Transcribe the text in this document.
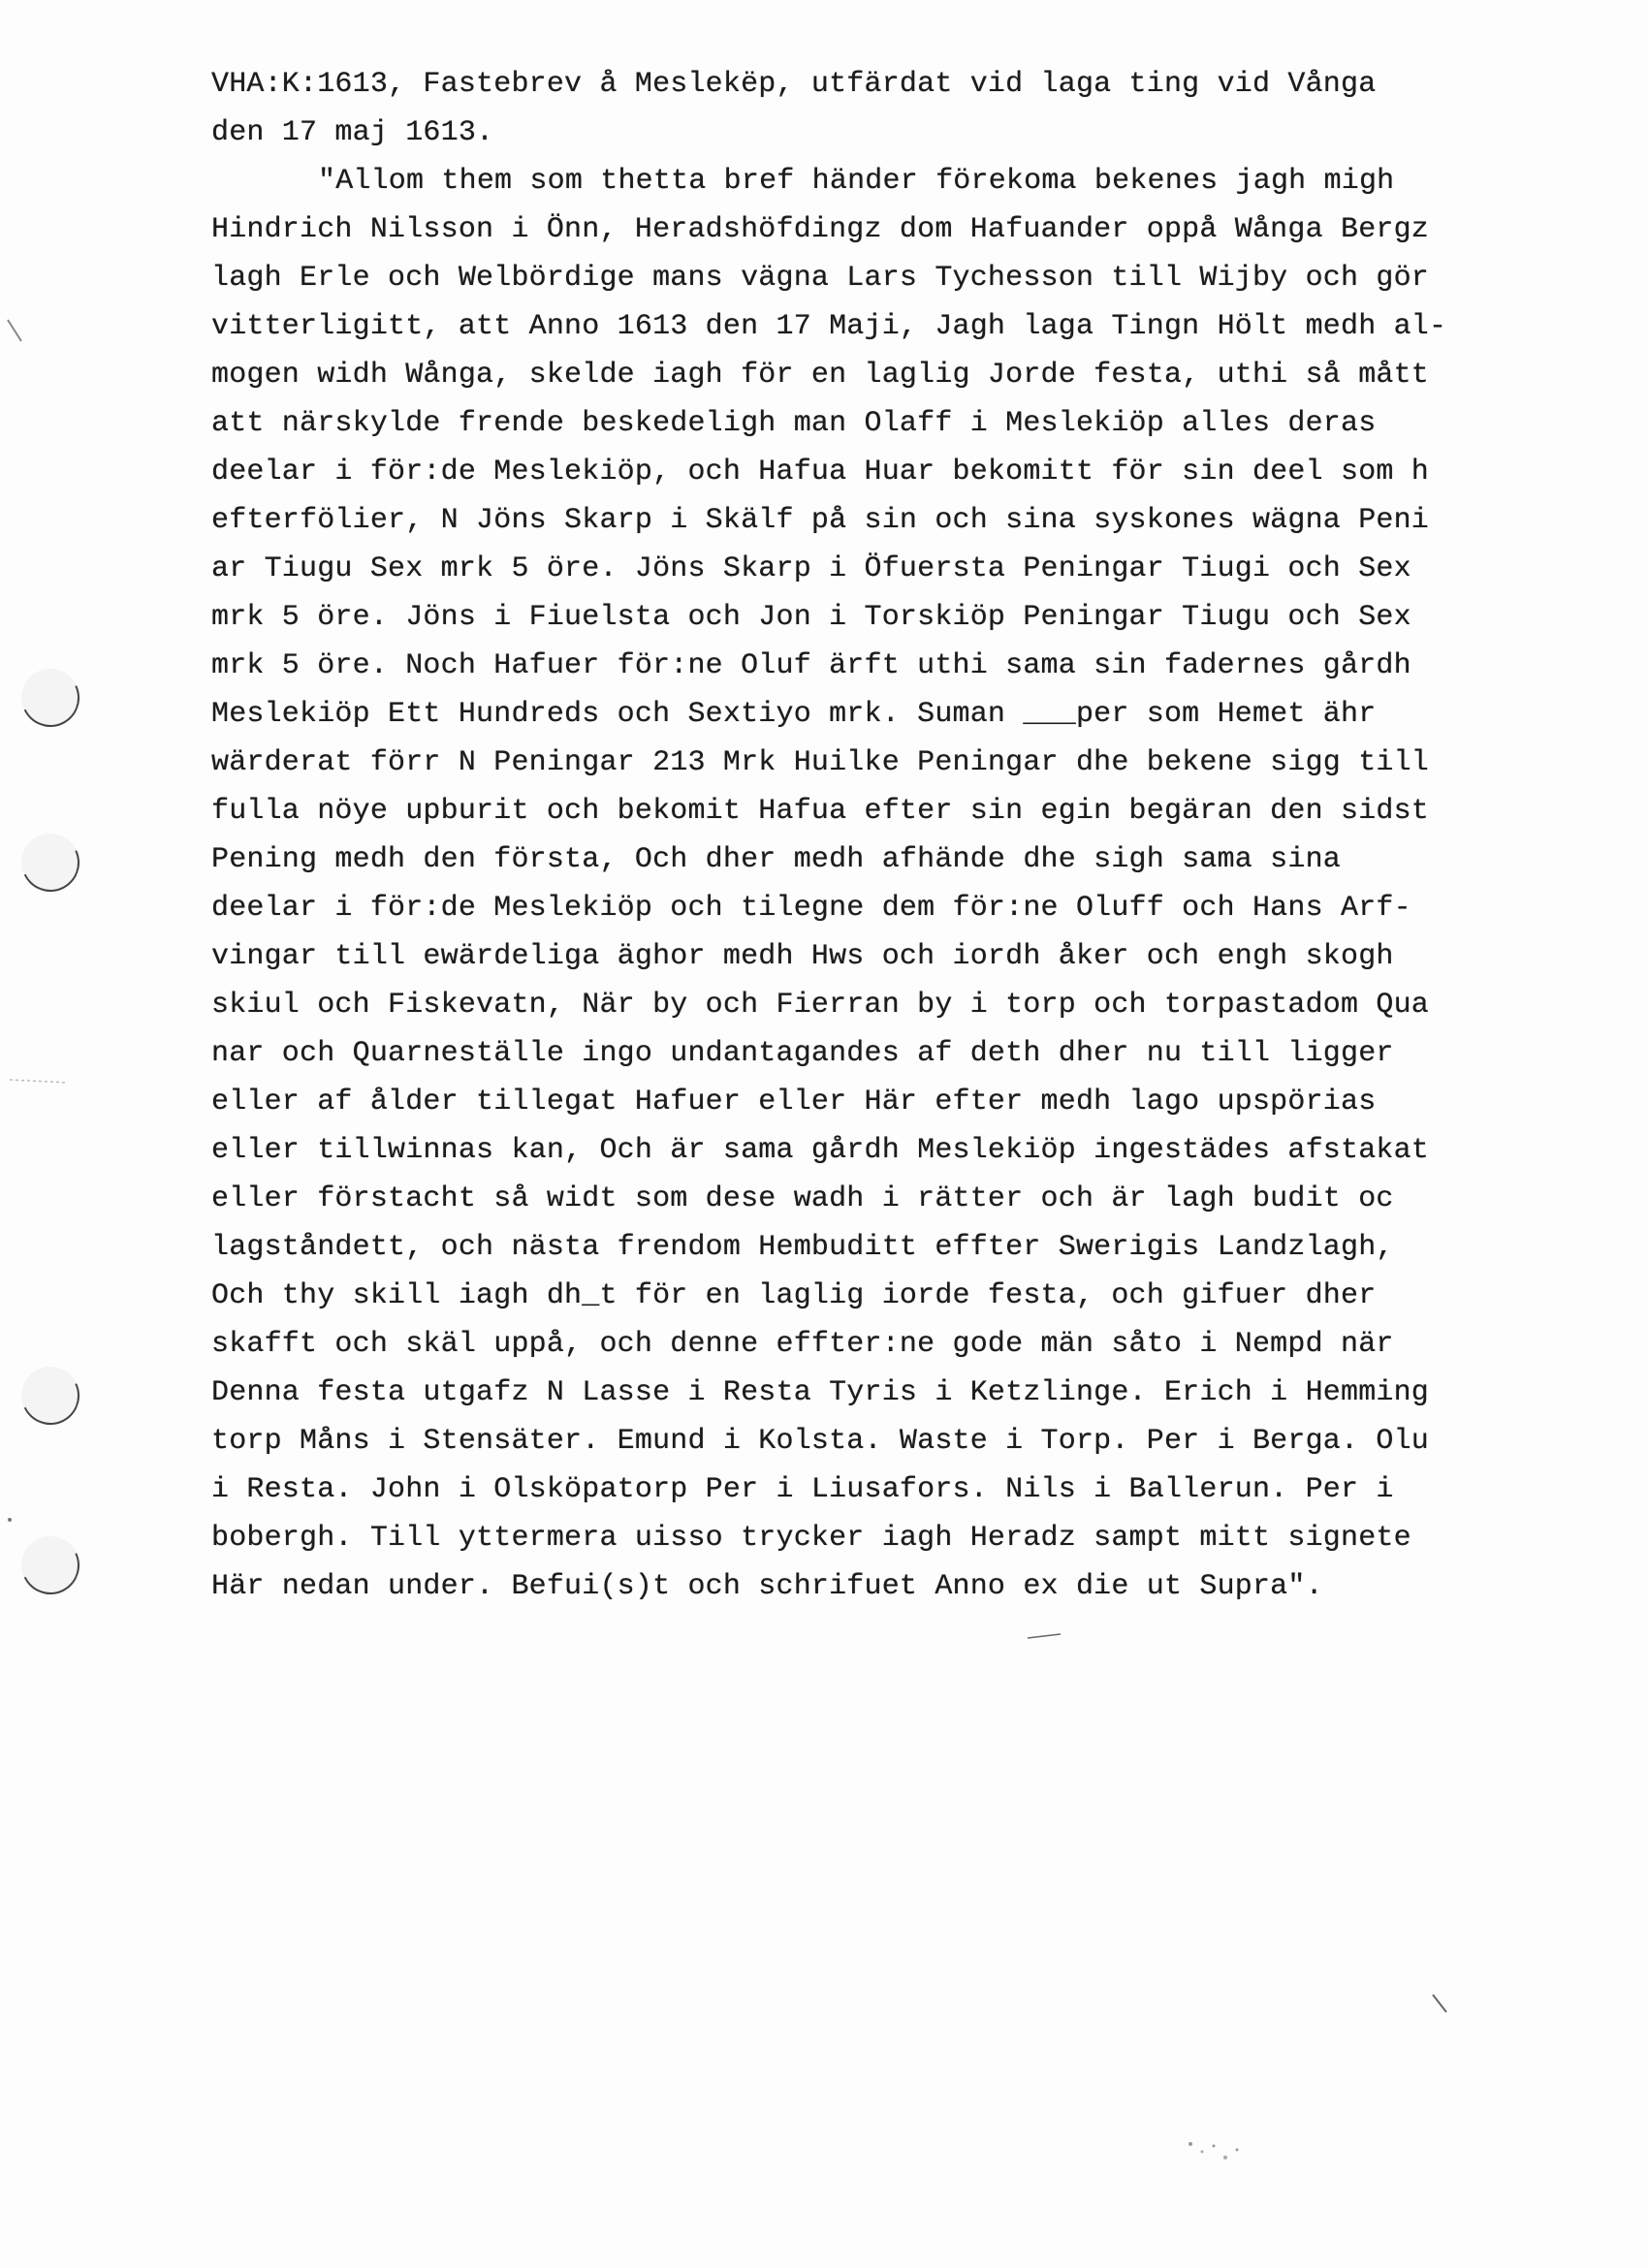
VHA:K:1613, Fastebrev å Meslekëp, utfärdat vid laga ting vid Vånga
den 17 maj 1613.
"Allom them som thetta bref händer förekoma bekenes jagh migh
Hindrich Nilsson i Önn, Heradshöfdingz dom Hafuander oppå Wånga Bergz
lagh Erle och Welbördige mans vägna Lars Tychesson till Wijby och gör
vitterligitt, att Anno 1613 den 17 Maji, Jagh laga Tingn Hölt medh al-
mogen widh Wånga, skelde iagh för en laglig Jorde festa, uthi så mått
att närskylde frende beskedeligh man Olaff i Meslekiöp alles deras
deelar i för:de Meslekiöp, och Hafua Huar bekomitt för sin deel som h
efterfölier, N Jöns Skarp i Skälf på sin och sina syskones wägna Peni
ar Tiugu Sex mrk 5 öre. Jöns Skarp i Öfuersta Peningar Tiugi och Sex
mrk 5 öre. Jöns i Fiuelsta och Jon i Torskiöp Peningar Tiugu och Sex
mrk 5 öre. Noch Hafuer för:ne Oluf ärft uthi sama sin fadernes gårdh
Meslekiöp Ett Hundreds och Sextiyo mrk. Suman ___per som Hemet ähr
wärderat förr N Peningar 213 Mrk Huilke Peningar dhe bekene sigg till
fulla nöye upburit och bekomit Hafua efter sin egin begäran den sidst
Pening medh den första, Och dher medh afhände dhe sigh sama sina
deelar i för:de Meslekiöp och tilegne dem för:ne Oluff och Hans Arf-
vingar till ewärdeliga äghor medh Hws och iordh åker och engh skogh
skiul och Fiskevatn, När by och Fierran by i torp och torpastadom Qua
nar och Quarneställe ingo undantagandes af deth dher nu till ligger
eller af ålder tillegat Hafuer eller Här efter medh lago upspörias
eller tillwinnas kan, Och är sama gårdh Meslekiöp ingestädes afstakat
eller förstacht så widt som dese wadh i rätter och är lagh budit oc
lagståndett, och nästa frendom Hembuditt effter Swerigis Landzlagh,
Och thy skill iagh dh_t för en laglig iorde festa, och gifuer dher
skafft och skäl uppå, och denne effter:ne gode män såto i Nempd när
Denna festa utgafz N Lasse i Resta Tyris i Ketzlinge. Erich i Hemming
torp Måns i Stensäter. Emund i Kolsta. Waste i Torp. Per i Berga. Olu
i Resta. John i Olsköpatorp Per i Liusafors. Nils i Ballerun. Per i
bobergh. Till yttermera uisso trycker iagh Heradz sampt mitt signete
Här nedan under. Befui(s)t och schrifuet Anno ex die ut Supra".
